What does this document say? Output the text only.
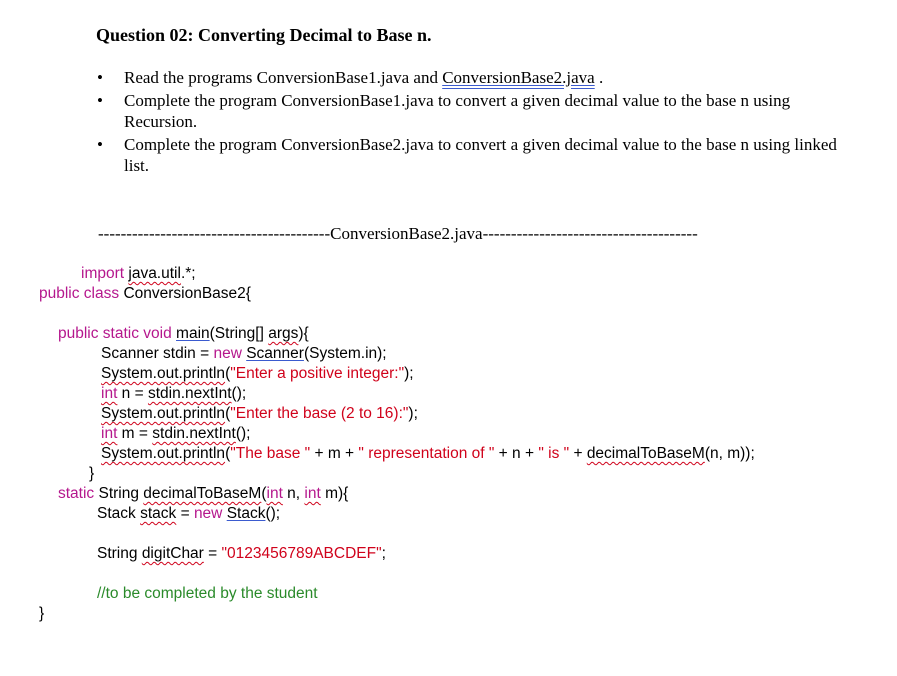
Question 02: Converting Decimal to Base n.
• Read the programs ConversionBase1.java and ConversionBase2.java .
• Complete the program ConversionBase1.java to convert a given decimal value to the base n using Recursion.
• Complete the program ConversionBase2.java to convert a given decimal value to the base n using linked list.
-----------------------------------------ConversionBase2.java--------------------------------------
import java.util.*;
public class ConversionBase2{
public static void main(String[] args){
Scanner stdin = new Scanner(System.in);
System.out.println("Enter a positive integer:");
int n = stdin.nextInt();
System.out.println("Enter the base (2 to 16):");
int m = stdin.nextInt();
System.out.println("The base " + m + " representation of " + n + " is " + decimalToBaseM(n, m));
}
static String decimalToBaseM(int n, int m){
Stack stack = new Stack();
String digitChar = "0123456789ABCDEF";
//to be completed by the student
}
